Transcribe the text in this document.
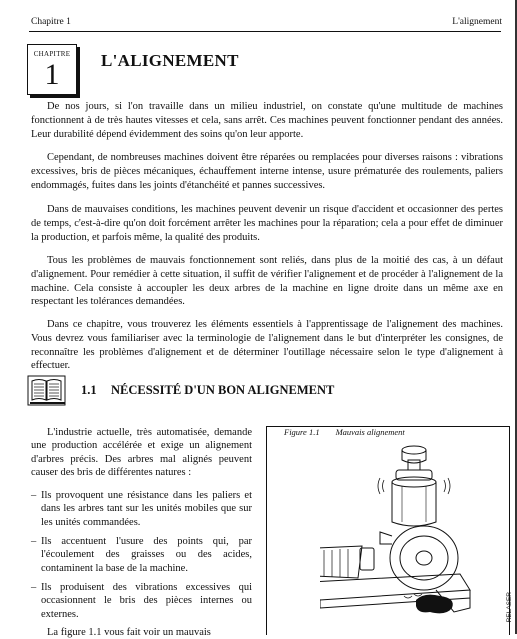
Chapitre 1	L'alignement
CHAPITRE
1	L'ALIGNEMENT

De nos jours, si l'on travaille dans un milieu industriel, on constate qu'une multitude de machines fonctionnent à de très hautes vitesses et cela, sans arrêt. Ces machines peuvent fonctionner pendant des années. Leur durabilité dépend évidemment des soins qu'on leur apporte.

Cependant, de nombreuses machines doivent être réparées ou remplacées pour diverses raisons : vibrations excessives, bris de pièces mécaniques, échauffement interne intense, usure prématurée des roulements, paliers endommagés, fuites dans les joints d'étanchéité et pannes successives.

Dans de mauvaises conditions, les machines peuvent devenir un risque d'accident et occasionner des pertes de temps, c'est-à-dire qu'on doit forcément arrêter les machines pour la réparation; cela a pour effet de diminuer la production, et parfois même, la qualité des produits.

Tous les problèmes de mauvais fonctionnement sont reliés, dans plus de la moitié des cas, à un défaut d'alignement. Pour remédier à cette situation, il suffit de vérifier l'alignement et de procéder à l'alignement de la machine. Cela consiste à accoupler les deux arbres de la machine en ligne droite dans un même axe en respectant les tolérances demandées.

Dans ce chapitre, vous trouverez les éléments essentiels à l'apprentissage de l'alignement des machines. Vous devrez vous familiariser avec la terminologie de l'alignement dans le but d'interpréter les consignes, de reconnaître les problèmes d'alignement et de déterminer l'outillage nécessaire selon le type d'alignement à effectuer.

1.1 NÉCESSITÉ D'UN BON ALIGNEMENT

L'industrie actuelle, très automatisée, demande une production accélérée et exige un alignement d'arbres précis. Des arbres mal alignés peuvent causer des bris de différentes natures :

– Ils provoquent une résistance dans les paliers et dans les arbres tant sur les unités mobiles que sur les unités commandées.
– Ils accentuent l'usure des points qui, par l'écoulement des graisses ou des acides, contaminent la base de la machine.
– Ils produisent des vibrations excessives qui occasionnent le bris des pièces internes ou externes.

La figure 1.1 vous fait voir un mauvais

Figure 1.1 Mauvais alignement
RELASER
